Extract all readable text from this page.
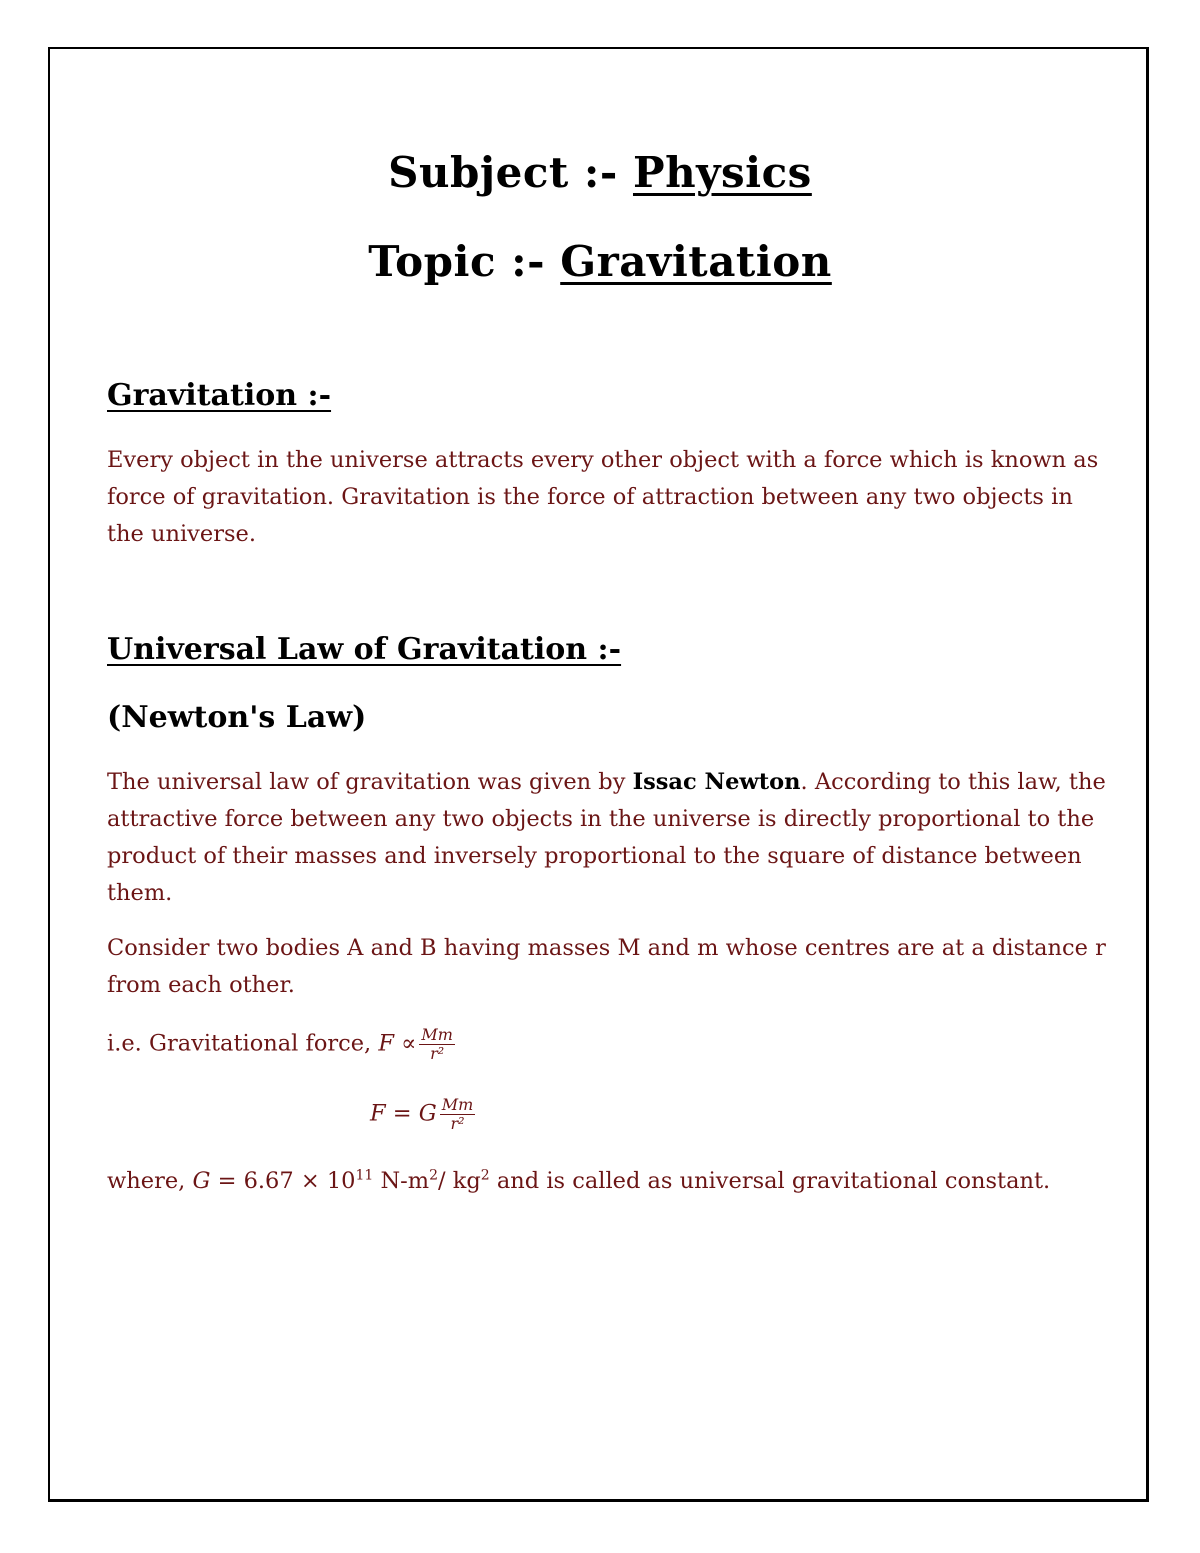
Subject :- Physics
Topic :- Gravitation
Gravitation :-
Every object in the universe attracts every other object with a force which is known as force of gravitation. Gravitation is the force of attraction between any two objects in the universe.
Universal Law of Gravitation :-
(Newton's Law)
The universal law of gravitation was given by Issac Newton. According to this law, the attractive force between any two objects in the universe is directly proportional to the product of their masses and inversely proportional to the square of distance between them.
Consider two bodies A and B having masses M and m whose centres are at a distance r from each other.
i.e. Gravitational force, $F \propto \frac{Mm}{\text{r²}}$
F = G $\frac{Mm}{\text{r²}}$
where, $G = 6.67 \times 10^{11}$ $N-m^2/$ $kg^2$ and is called as universal gravitational constant.
